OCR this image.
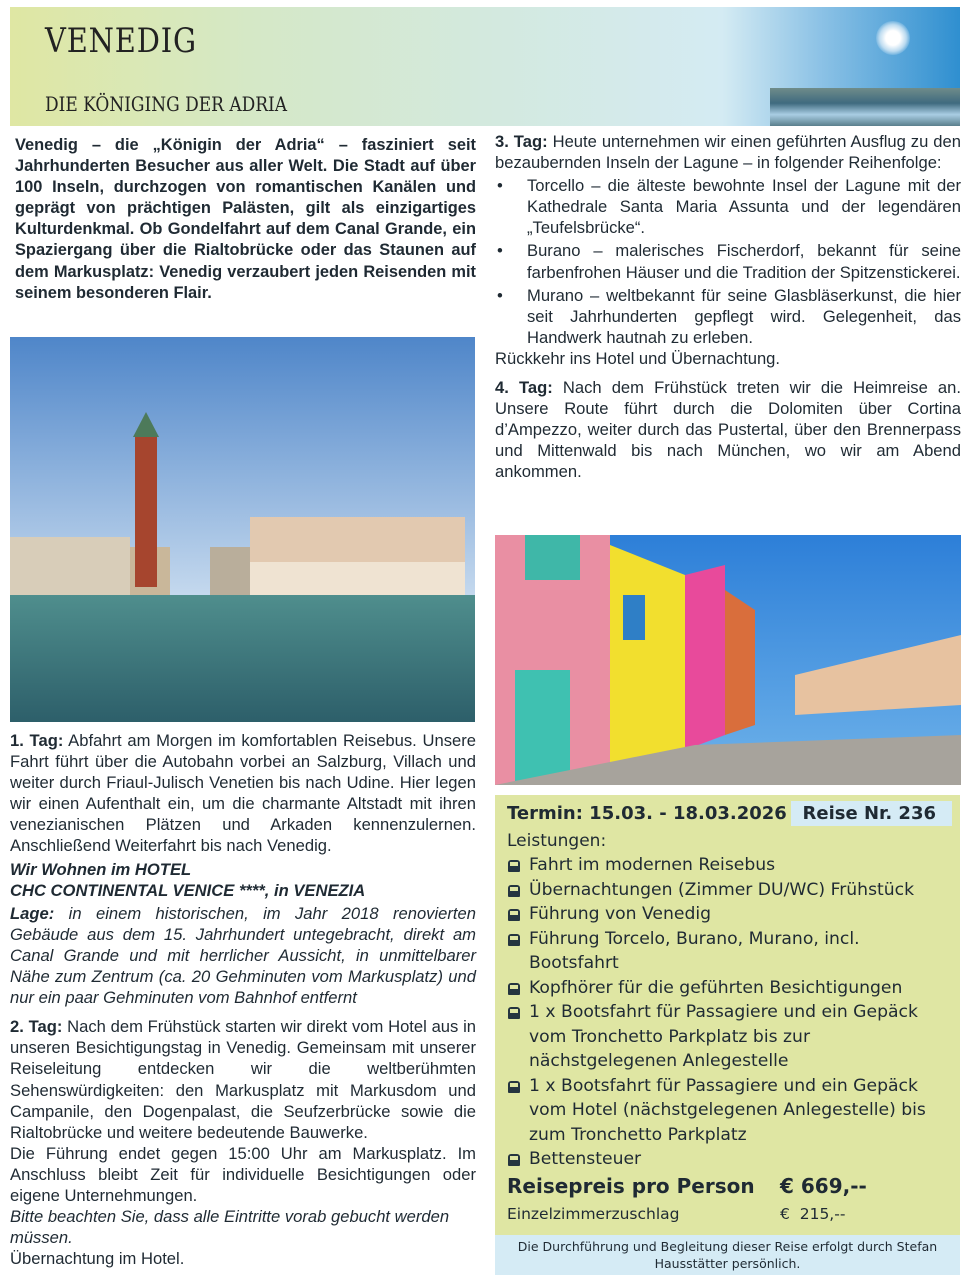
VENEDIG
DIE KÖNIGING DER ADRIA

Venedig – die „Königin der Adria“ – fasziniert seit Jahrhunderten Besucher aus aller Welt. Die Stadt auf über 100 Inseln, durchzogen von romantischen Kanälen und geprägt von prächtigen Palästen, gilt als einzigartiges Kulturdenkmal. Ob Gondelfahrt auf dem Canal Grande, ein Spaziergang über die Rialtobrücke oder das Staunen auf dem Markusplatz: Venedig verzaubert jeden Reisenden mit seinem besonderen Flair.

1. Tag: Abfahrt am Morgen im komfortablen Reisebus. Unsere Fahrt führt über die Autobahn vorbei an Salzburg, Villach und weiter durch Friaul-Julisch Venetien bis nach Udine. Hier legen wir einen Aufenthalt ein, um die charmante Altstadt mit ihren venezianischen Plätzen und Arkaden kennenzulernen. Anschließend Weiterfahrt bis nach Venedig.

Wir Wohnen im HOTEL

CHC CONTINENTAL VENICE ****, in VENEZIA

Lage: in einem historischen, im Jahr 2018 renovierten Gebäude aus dem 15. Jahrhundert untegebracht, direkt am Canal Grande und mit herrlicher Aussicht, in unmittelbarer Nähe zum Zentrum (ca. 20 Gehminuten vom Markusplatz) und nur ein paar Gehminuten vom Bahnhof entfernt

2. Tag: Nach dem Frühstück starten wir direkt vom Hotel aus in unseren Besichtigungstag in Venedig. Gemeinsam mit unserer Reiseleitung entdecken wir die weltberühmten Sehenswürdigkeiten: den Markusplatz mit Markusdom und Campanile, den Dogenpalast, die Seufzerbrücke sowie die Rialtobrücke und weitere bedeutende Bauwerke.

Die Führung endet gegen 15:00 Uhr am Markusplatz. Im Anschluss bleibt Zeit für individuelle Besichtigungen oder eigene Unternehmungen.

Bitte beachten Sie, dass alle Eintritte vorab gebucht werden müssen.

Übernachtung im Hotel.

3. Tag: Heute unternehmen wir einen geführten Ausflug zu den bezaubernden Inseln der Lagune – in folgender Reihenfolge:

• Torcello – die älteste bewohnte Insel der Lagune mit der Kathedrale Santa Maria Assunta und der legendären „Teufelsbrücke“.
• Burano – malerisches Fischerdorf, bekannt für seine farbenfrohen Häuser und die Tradition der Spitzenstickerei.
• Murano – weltbekannt für seine Glasbläserkunst, die hier seit Jahrhunderten gepflegt wird. Gelegenheit, das Handwerk hautnah zu erleben.

Rückkehr ins Hotel und Übernachtung.

4. Tag: Nach dem Frühstück treten wir die Heimreise an. Unsere Route führt durch die Dolomiten über Cortina d’Ampezzo, weiter durch das Pustertal, über den Brennerpass und Mittenwald bis nach München, wo wir am Abend ankommen.

Termin: 15.03. - 18.03.2026 Reise Nr. 236
Leistungen:
Fahrt im modernen Reisebus
Übernachtungen (Zimmer DU/WC) Frühstück
Führung von Venedig
Führung Torcelo, Burano, Murano, incl. Bootsfahrt
Kopfhörer für die geführten Besichtigungen
1 x Bootsfahrt für Passagiere und ein Gepäck vom Tronchetto Parkplatz bis zur nächstgelegenen Anlegestelle
1 x Bootsfahrt für Passagiere und ein Gepäck vom Hotel (nächstgelegenen Anlegestelle) bis zum Tronchetto Parkplatz
Bettensteuer
Reisepreis pro Person € 669,--
Einzelzimmerzuschlag	€  215,--
Die Durchführung und Begleitung dieser Reise erfolgt durch Stefan Hausstätter persönlich.
